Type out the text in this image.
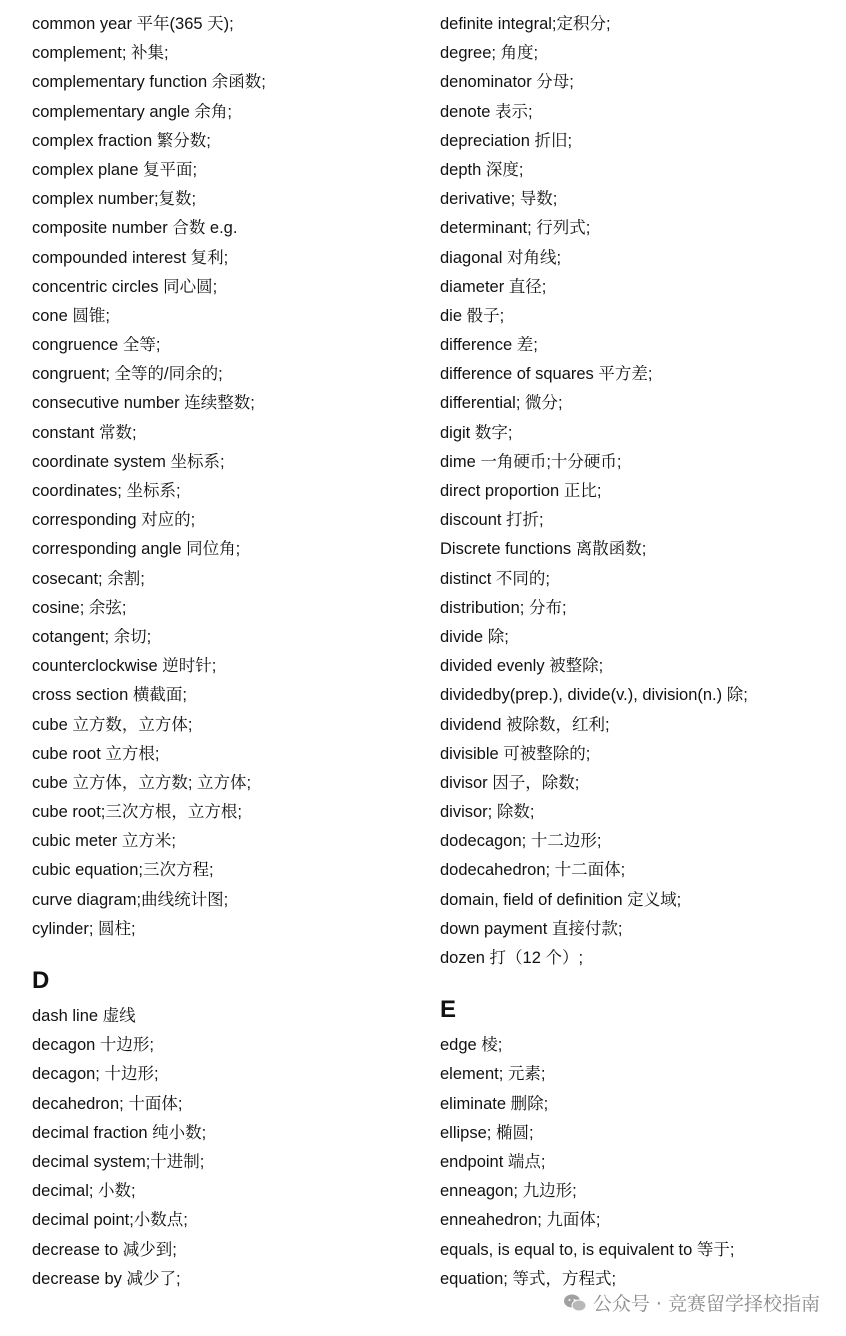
common year 平年(365 天);
complement; 补集;
complementary function 余函数;
complementary angle 余角;
complex fraction 繁分数;
complex plane 复平面;
complex number;复数;
composite number 合数 e.g.
compounded interest 复利;
concentric circles 同心圆;
cone 圆锥;
congruence 全等;
congruent; 全等的/同余的;
consecutive number 连续整数;
constant 常数;
coordinate system 坐标系;
coordinates; 坐标系;
corresponding 对应的;
corresponding angle 同位角;
cosecant; 余割;
cosine; 余弦;
cotangent; 余切;
counterclockwise 逆时针;
cross section 横截面;
cube 立方数，立方体;
cube root 立方根;
cube 立方体，立方数; 立方体;
cube root;三次方根，立方根;
cubic meter 立方米;
cubic equation;三次方程;
curve diagram;曲线统计图;
cylinder; 圆柱;
D
dash line 虚线
decagon 十边形;
decagon; 十边形;
decahedron; 十面体;
decimal fraction 纯小数;
decimal system;十进制;
decimal; 小数;
decimal point;小数点;
decrease to 减少到;
decrease by 减少了;
definite integral;定积分;
degree; 角度;
denominator 分母;
denote 表示;
depreciation 折旧;
depth 深度;
derivative; 导数;
determinant; 行列式;
diagonal 对角线;
diameter 直径;
die 骰子;
difference 差;
difference of squares 平方差;
differential; 微分;
digit 数字;
dime 一角硬币;十分硬币;
direct proportion 正比;
discount 打折;
Discrete functions 离散函数;
distinct 不同的;
distribution; 分布;
divide 除;
divided evenly 被整除;
dividedby(prep.), divide(v.), division(n.) 除;
dividend 被除数，红利;
divisible 可被整除的;
divisor 因子，除数;
divisor; 除数;
dodecagon; 十二边形;
dodecahedron; 十二面体;
domain, field of definition 定义域;
down payment 直接付款;
dozen 打（12 个）;
E
edge 棱;
element; 元素;
eliminate 删除;
ellipse; 椭圆;
endpoint 端点;
enneagon; 九边形;
enneahedron; 九面体;
equals, is equal to, is equivalent to 等于;
equation; 等式，方程式;
公众号 · 竞赛留学择校指南
